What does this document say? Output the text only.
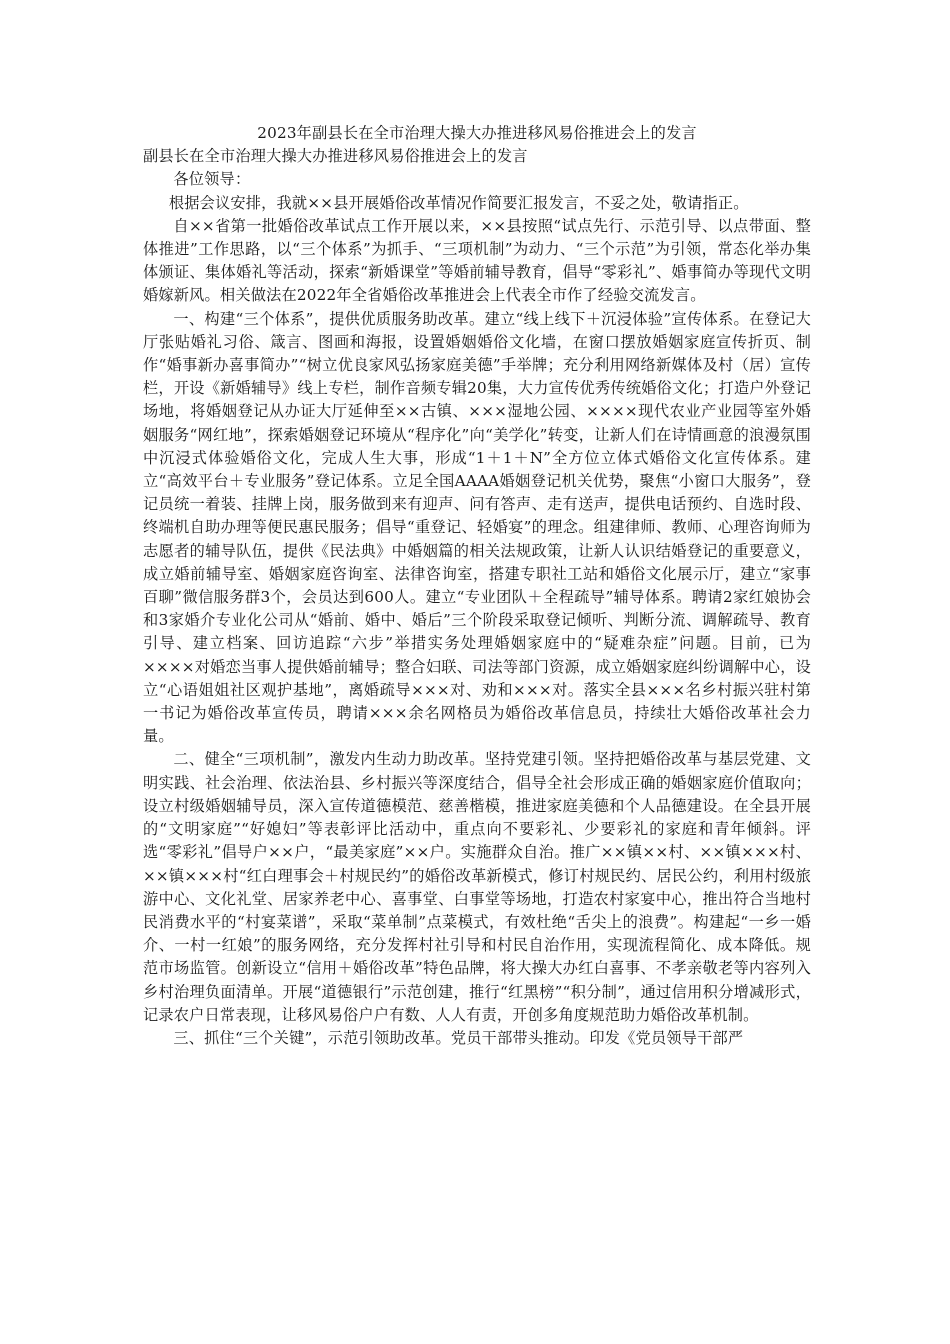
2023年副县长在全市治理大操大办推进移风易俗推进会上的发言

副县长在全市治理大操大办推进移风易俗推进会上的发言

各位领导：

根据会议安排，我就××县开展婚俗改革情况作简要汇报发言，不妥之处，敬请指正。

自××省第一批婚俗改革试点工作开展以来，××县按照“试点先行、示范引导、以点带面、整体推进”工作思路，以“三个体系”为抓手、“三项机制”为动力、“三个示范”为引领，常态化举办集体颁证、集体婚礼等活动，探索“新婚课堂”等婚前辅导教育，倡导“零彩礼”、婚事简办等现代文明婚嫁新风。相关做法在2022年全省婚俗改革推进会上代表全市作了经验交流发言。

一、构建“三个体系”，提供优质服务助改革。建立“线上线下＋沉浸体验”宣传体系。在登记大厅张贴婚礼习俗、箴言、图画和海报，设置婚姻婚俗文化墙，在窗口摆放婚姻家庭宣传折页、制作“婚事新办喜事简办”“树立优良家风弘扬家庭美德”手举牌；充分利用网络新媒体及村（居）宣传栏，开设《新婚辅导》线上专栏，制作音频专辑20集，大力宣传优秀传统婚俗文化；打造户外登记场地，将婚姻登记从办证大厅延伸至××古镇、×××湿地公园、××××现代农业产业园等室外婚姻服务“网红地”，探索婚姻登记环境从“程序化”向“美学化”转变，让新人们在诗情画意的浪漫氛围中沉浸式体验婚俗文化，完成人生大事，形成“1＋1＋N”全方位立体式婚俗文化宣传体系。建立“高效平台＋专业服务”登记体系。立足全国AAAA婚姻登记机关优势，聚焦“小窗口大服务”，登记员统一着装、挂牌上岗，服务做到来有迎声、问有答声、走有送声，提供电话预约、自选时段、终端机自助办理等便民惠民服务；倡导“重登记、轻婚宴”的理念。组建律师、教师、心理咨询师为志愿者的辅导队伍，提供《民法典》中婚姻篇的相关法规政策，让新人认识结婚登记的重要意义，成立婚前辅导室、婚姻家庭咨询室、法律咨询室，搭建专职社工站和婚俗文化展示厅，建立“家事百聊”微信服务群3个，会员达到600人。建立“专业团队＋全程疏导”辅导体系。聘请2家红娘协会和3家婚介专业化公司从“婚前、婚中、婚后”三个阶段采取登记倾听、判断分流、调解疏导、教育引导、建立档案、回访追踪“六步”举措实务处理婚姻家庭中的“疑难杂症”问题。目前，已为××××对婚恋当事人提供婚前辅导；整合妇联、司法等部门资源，成立婚姻家庭纠纷调解中心，设立“心语姐姐社区观护基地”，离婚疏导×××对、劝和×××对。落实全县×××名乡村振兴驻村第一书记为婚俗改革宣传员，聘请×××余名网格员为婚俗改革信息员，持续壮大婚俗改革社会力量。

二、健全“三项机制”，激发内生动力助改革。坚持党建引领。坚持把婚俗改革与基层党建、文明实践、社会治理、依法治县、乡村振兴等深度结合，倡导全社会形成正确的婚姻家庭价值取向；设立村级婚姻辅导员，深入宣传道德模范、慈善楷模，推进家庭美德和个人品德建设。在全县开展的“文明家庭”“好媳妇”等表彰评比活动中，重点向不要彩礼、少要彩礼的家庭和青年倾斜。评选“零彩礼”倡导户××户，“最美家庭”××户。实施群众自治。推广××镇××村、××镇×××村、××镇×××村“红白理事会＋村规民约”的婚俗改革新模式，修订村规民约、居民公约，利用村级旅游中心、文化礼堂、居家养老中心、喜事堂、白事堂等场地，打造农村家宴中心，推出符合当地村民消费水平的“村宴菜谱”，采取“菜单制”点菜模式，有效杜绝“舌尖上的浪费”。构建起“一乡一婚介、一村一红娘”的服务网络，充分发挥村社引导和村民自治作用，实现流程简化、成本降低。规范市场监管。创新设立“信用＋婚俗改革”特色品牌，将大操大办红白喜事、不孝亲敬老等内容列入乡村治理负面清单。开展“道德银行”示范创建，推行“红黑榜”“积分制”，通过信用积分增减形式，记录农户日常表现，让移风易俗户户有数、人人有责，开创多角度规范助力婚俗改革机制。

三、抓住“三个关键”，示范引领助改革。党员干部带头推动。印发《党员领导干部严
